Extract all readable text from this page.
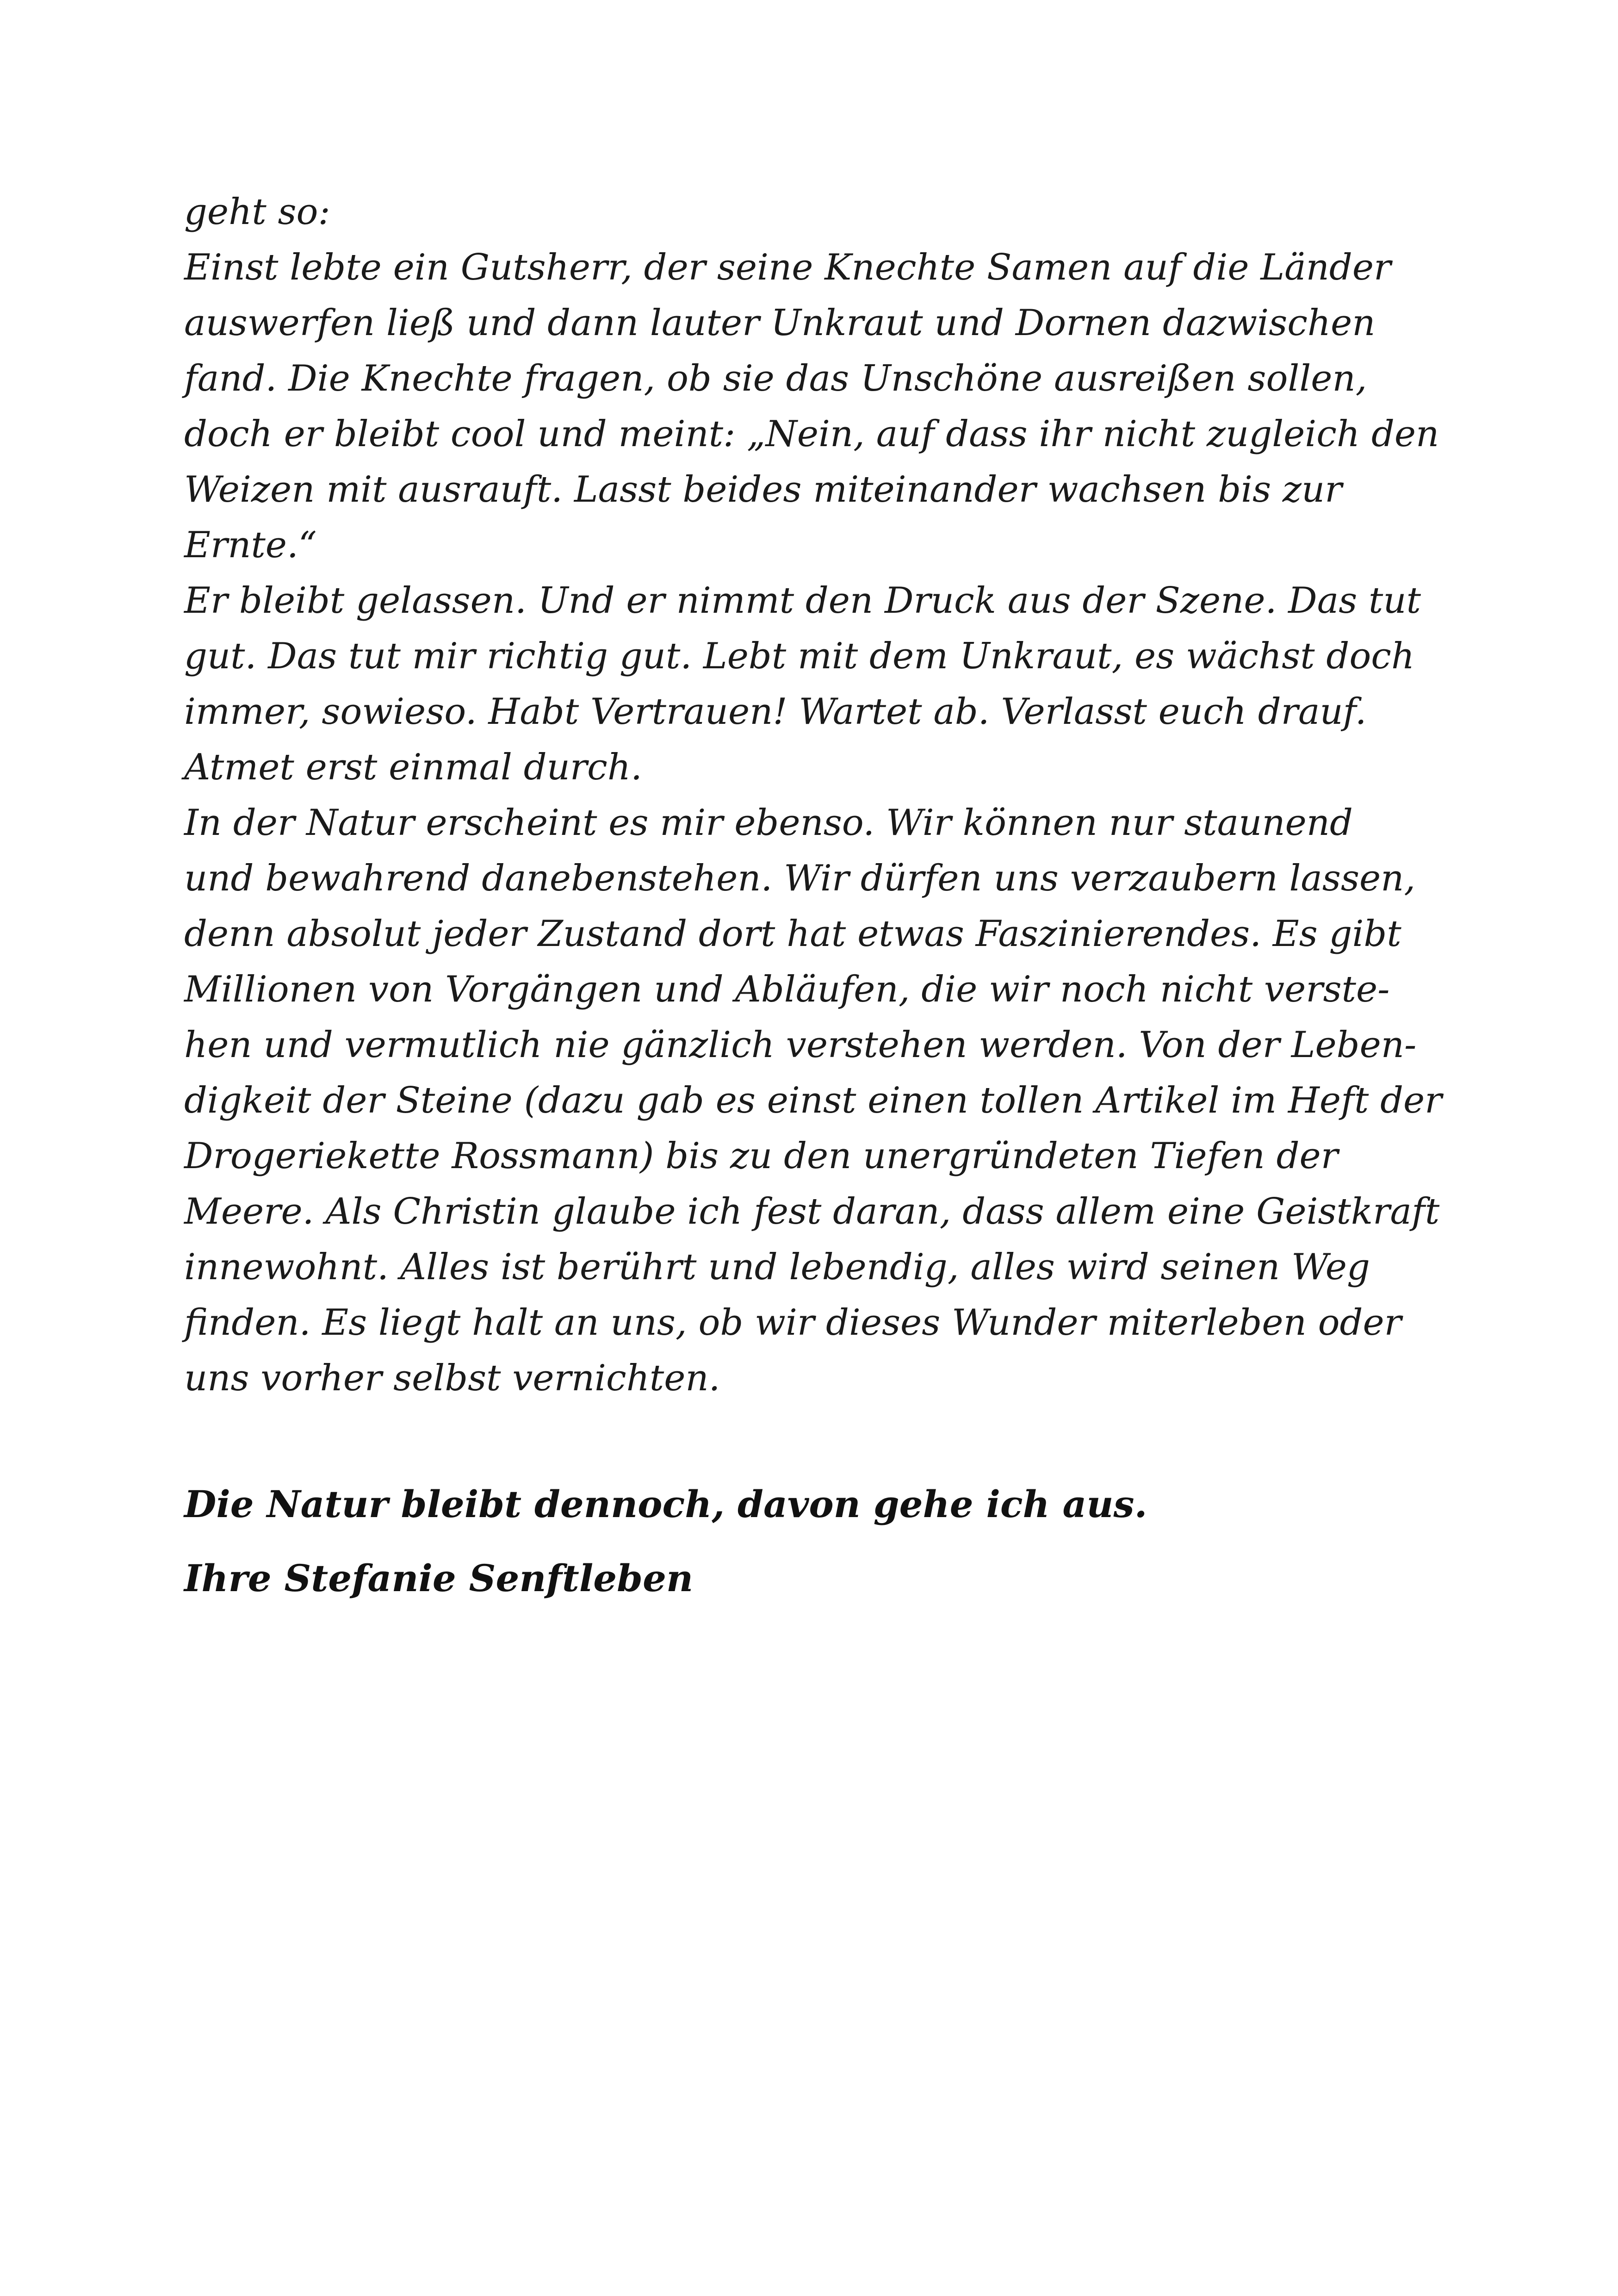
geht so:
Einst lebte ein Gutsherr, der seine Knechte Samen auf die Länder
auswerfen ließ und dann lauter Unkraut und Dornen dazwischen
fand. Die Knechte fragen, ob sie das Unschöne ausreißen sollen,
doch er bleibt cool und meint: „Nein, auf dass ihr nicht zugleich den
Weizen mit ausrauft. Lasst beides miteinander wachsen bis zur
Ernte.“
Er bleibt gelassen. Und er nimmt den Druck aus der Szene. Das tut
gut. Das tut mir richtig gut. Lebt mit dem Unkraut, es wächst doch
immer, sowieso. Habt Vertrauen! Wartet ab. Verlasst euch drauf.
Atmet erst einmal durch.
In der Natur erscheint es mir ebenso. Wir können nur staunend
und bewahrend danebenstehen. Wir dürfen uns verzaubern lassen,
denn absolut jeder Zustand dort hat etwas Faszinierendes. Es gibt
Millionen von Vorgängen und Abläufen, die wir noch nicht verste-
hen und vermutlich nie gänzlich verstehen werden. Von der Leben-
digkeit der Steine (dazu gab es einst einen tollen Artikel im Heft der
Drogeriekette Rossmann) bis zu den unergründeten Tiefen der
Meere. Als Christin glaube ich fest daran, dass allem eine Geistkraft
innewohnt. Alles ist berührt und lebendig, alles wird seinen Weg
finden. Es liegt halt an uns, ob wir dieses Wunder miterleben oder
uns vorher selbst vernichten.

Die Natur bleibt dennoch, davon gehe ich aus.

Ihre Stefanie Senftleben
